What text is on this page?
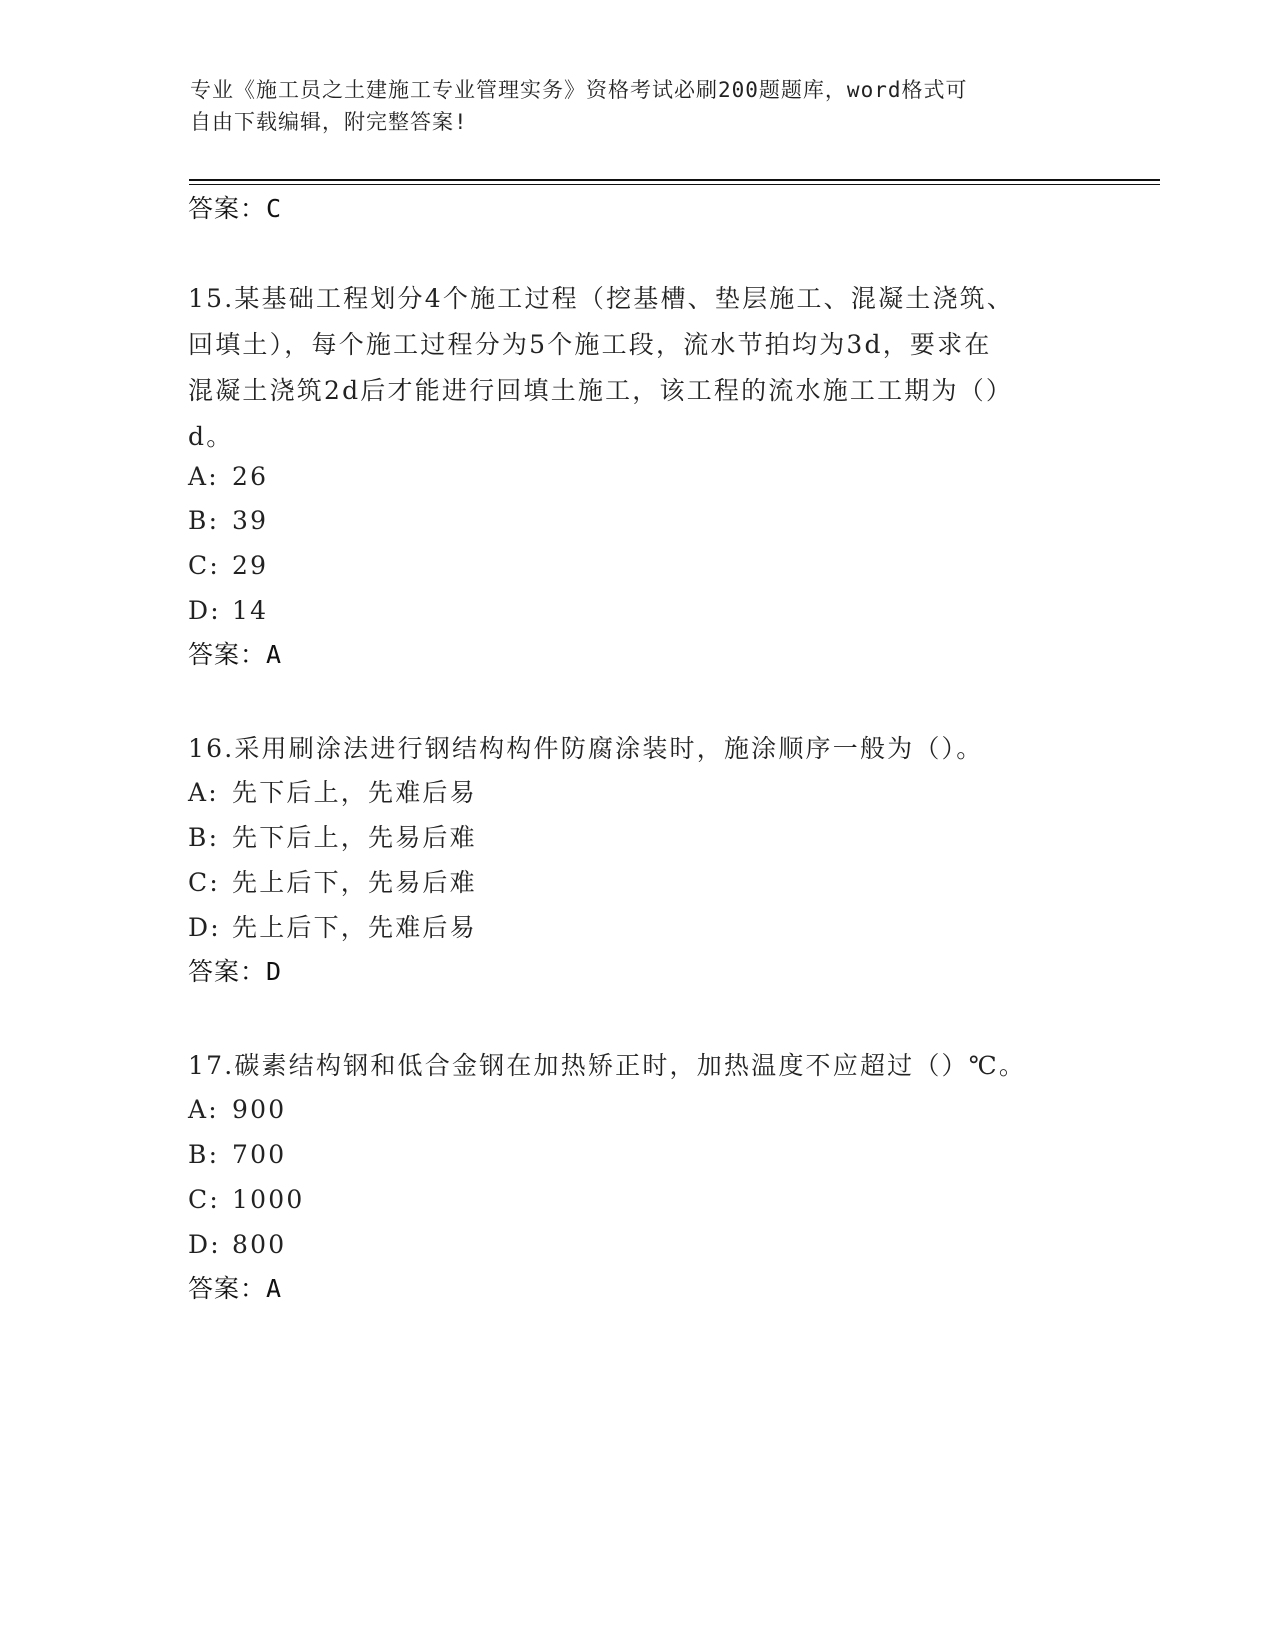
专业《施工员之土建施工专业管理实务》资格考试必刷200题题库，word格式可
自由下载编辑，附完整答案!
答案：C
15.某基础工程划分4个施工过程（挖基槽、垫层施工、混凝土浇筑、
回填土），每个施工过程分为5个施工段，流水节拍均为3d，要求在
混凝土浇筑2d后才能进行回填土施工，该工程的流水施工工期为（）
d。
A: 26
B: 39
C: 29
D: 14
答案：A
16.采用刷涂法进行钢结构构件防腐涂装时，施涂顺序一般为（）。
A: 先下后上，先难后易
B: 先下后上，先易后难
C: 先上后下，先易后难
D: 先上后下，先难后易
答案：D
17.碳素结构钢和低合金钢在加热矫正时，加热温度不应超过（）℃。
A: 900
B: 700
C: 1000
D: 800
答案：A
